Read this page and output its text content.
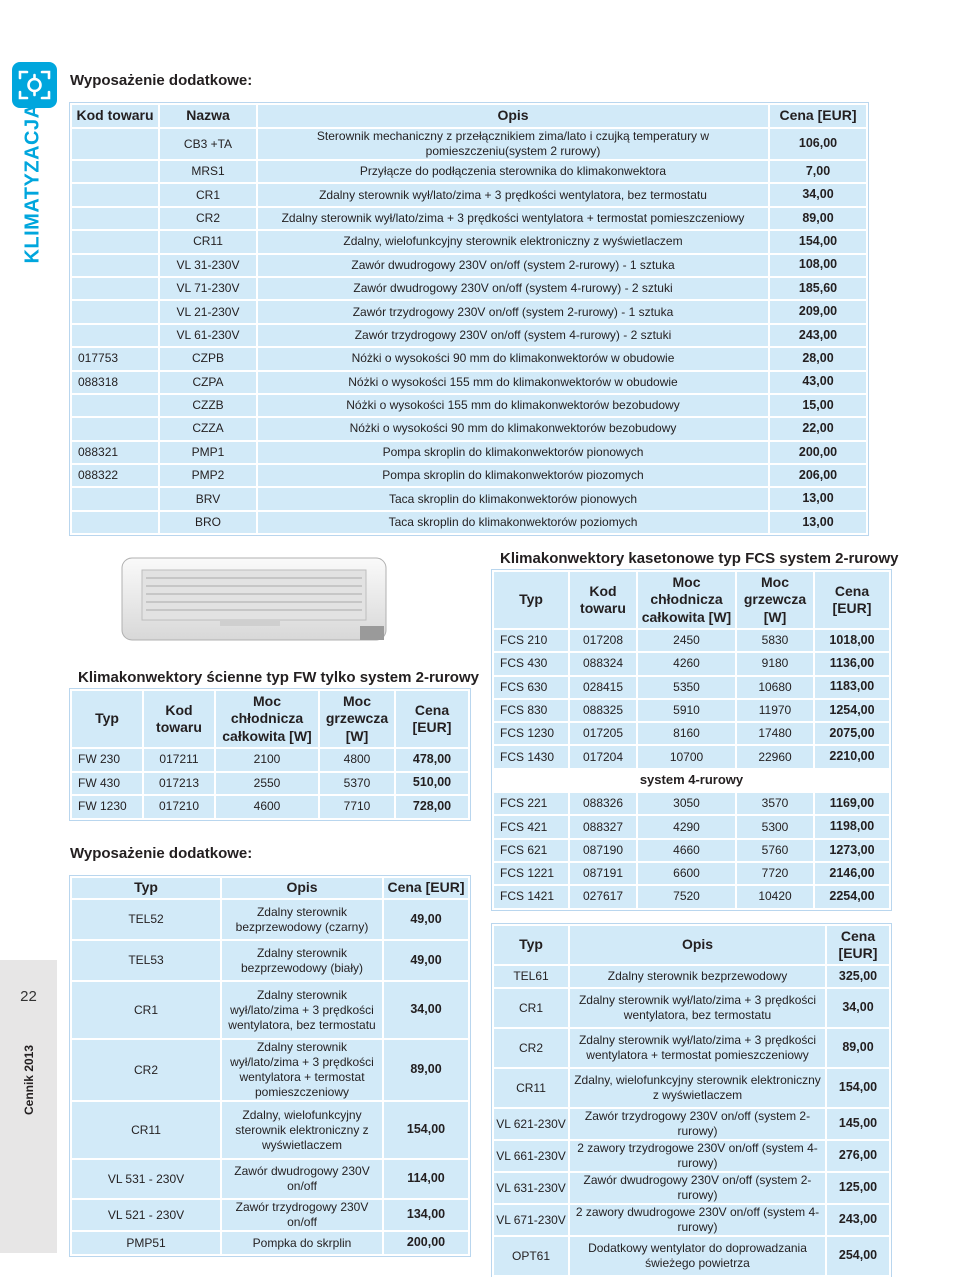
KLIMATYZACJA
22
Cennik 2013
Wyposażenie dodatkowe:
Kod towaru	Nazwa	Opis	Cena [EUR]
	CB3 +TA	Sterownik mechaniczny z przełącznikiem zima/lato i czujką temperatury w pomieszczeniu(system 2 rurowy)	106,00
	MRS1	Przyłącze do podłączenia sterownika do klimakonwektora	7,00
	CR1	Zdalny sterownik wył/lato/zima + 3 prędkości wentylatora, bez termostatu	34,00
	CR2	Zdalny sterownik wył/lato/zima + 3 prędkości wentylatora + termostat pomieszczeniowy	89,00
	CR11	Zdalny, wielofunkcyjny sterownik elektroniczny z wyświetlaczem	154,00
	VL 31-230V	Zawór dwudrogowy 230V on/off (system 2-rurowy) - 1 sztuka	108,00
	VL 71-230V	Zawór dwudrogowy 230V on/off (system 4-rurowy) - 2 sztuki	185,60
	VL 21-230V	Zawór trzydrogowy 230V on/off (system 2-rurowy) - 1 sztuka	209,00
	VL 61-230V	Zawór trzydrogowy 230V on/off (system 4-rurowy) - 2 sztuki	243,00
017753	CZPB	Nóżki o wysokości 90 mm do klimakonwektorów w obudowie	28,00
088318	CZPA	Nóżki o wysokości 155 mm do klimakonwektorów w obudowie	43,00
	CZZB	Nóżki o wysokości 155 mm do klimakonwektorów bezobudowy	15,00
	CZZA	Nóżki o wysokości 90 mm do klimakonwektorów bezobudowy	22,00
088321	PMP1	Pompa skroplin do klimakonwektorów pionowych	200,00
088322	PMP2	Pompa skroplin do klimakonwektorów piozomych	206,00
	BRV	Taca skroplin do klimakonwektorów pionowych	13,00
	BRO	Taca skroplin do klimakonwektorów poziomych	13,00
Klimakonwektory ścienne typ FW tylko system 2-rurowy
Typ	Kod towaru	Moc chłodnicza całkowita [W]	Moc grzewcza [W]	Cena [EUR]
FW 230	017211	2100	4800	478,00
FW 430	017213	2550	5370	510,00
FW 1230	017210	4600	7710	728,00
Wyposażenie dodatkowe:
Typ	Opis	Cena [EUR]
TEL52	Zdalny sterownik bezprzewodowy (czarny)	49,00
TEL53	Zdalny sterownik bezprzewodowy (biały)	49,00
CR1	Zdalny sterownik wył/lato/zima + 3 prędkości wentylatora, bez termostatu	34,00
CR2	Zdalny sterownik wył/lato/zima + 3 prędkości wentylatora + termostat pomieszczeniowy	89,00
CR11	Zdalny, wielofunkcyjny sterownik elektroniczny z wyświetlaczem	154,00
VL 531 - 230V	Zawór dwudrogowy 230V on/off	114,00
VL 521 - 230V	Zawór trzydrogowy 230V on/off	134,00
PMP51	Pompka do skrplin	200,00
Klimakonwektory kasetonowe typ FCS system 2-rurowy
Typ	Kod towaru	Moc chłodnicza całkowita [W]	Moc grzewcza [W]	Cena [EUR]
FCS 210	017208	2450	5830	1018,00
FCS 430	088324	4260	9180	1136,00
FCS 630	028415	5350	10680	1183,00
FCS 830	088325	5910	11970	1254,00
FCS 1230	017205	8160	17480	2075,00
FCS 1430	017204	10700	22960	2210,00
system 4-rurowy				
FCS 221	088326	3050	3570	1169,00
FCS 421	088327	4290	5300	1198,00
FCS 621	087190	4660	5760	1273,00
FCS 1221	087191	6600	7720	2146,00
FCS 1421	027617	7520	10420	2254,00
Typ	Opis	Cena [EUR]
TEL61	Zdalny sterownik bezprzewodowy	325,00
CR1	Zdalny sterownik wył/lato/zima + 3 prędkości wentylatora, bez termostatu	34,00
CR2	Zdalny sterownik wył/lato/zima + 3 prędkości wentylatora + termostat pomieszczeniowy	89,00
CR11	Zdalny, wielofunkcyjny sterownik elektroniczny z wyświetlaczem	154,00
VL 621-230V	Zawór trzydrogowy 230V on/off (system 2-rurowy)	145,00
VL 661-230V	2 zawory trzydrogowe 230V on/off (system 4-rurowy)	276,00
VL 631-230V	Zawór dwudrogowy 230V on/off (system 2-rurowy)	125,00
VL 671-230V	2 zawory dwudrogowe 230V on/off (system 4-rurowy)	243,00
OPT61	Dodatkowy wentylator do doprowadzania świeżego powietrza	254,00
